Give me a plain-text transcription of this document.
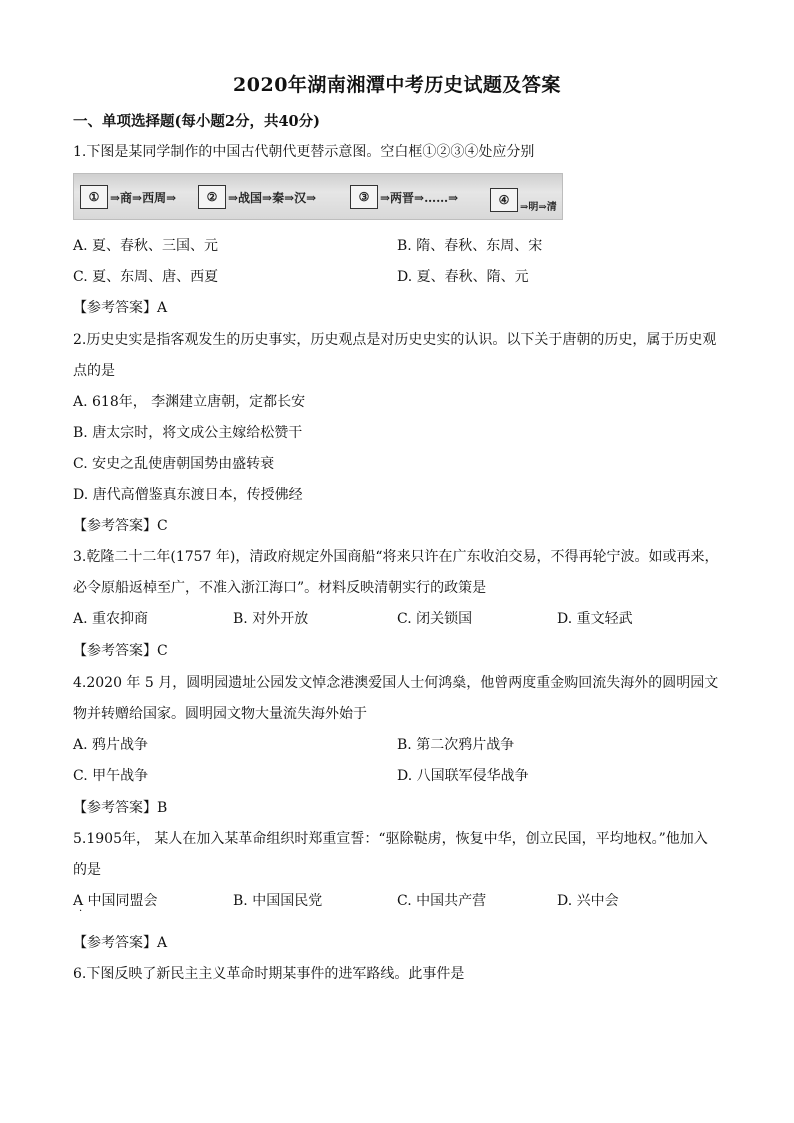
2020年湖南湘潭中考历史试题及答案
一、单项选择题(每小题2分，共40分)
1.下图是某同学制作的中国古代朝代更替示意图。空白框①②③④处应分别
① ⇒商⇒西周⇒	② ⇒战国⇒秦⇒汉⇒	③ ⇒两晋⇒……⇒	④
⇒明⇒清
A. 夏、春秋、三国、元	B. 隋、春秋、东周、宋
C. 夏、东周、唐、西夏	D. 夏、春秋、隋、元
【参考答案】A
2.历史史实是指客观发生的历史事实，历史观点是对历史史实的认识。以下关于唐朝的历史，属于历史观
点的是
A. 618年， 李渊建立唐朝，定都长安
B. 唐太宗时，将文成公主嫁给松赞干
C. 安史之乱使唐朝国势由盛转衰
D. 唐代高僧鉴真东渡日本，传授佛经
【参考答案】C
3.乾隆二十二年(1757 年)，清政府规定外国商船“将来只许在广东收泊交易，不得再轮宁波。如或再来，
必令原船返棹至广，不准入浙江海口”。材料反映清朝实行的政策是
A. 重农抑商	B. 对外开放	C. 闭关锁国	D. 重文轻武
【参考答案】C
4.2020 年 5 月，圆明园遗址公园发文悼念港澳爱国人士何鸿燊，他曾两度重金购回流失海外的圆明园文
物并转赠给国家。圆明园文物大量流失海外始于
A. 鸦片战争	B. 第二次鸦片战争
C. 甲午战争	D. 八国联军侵华战争
【参考答案】B
5.1905年， 某人在加入某革命组织时郑重宣誓：“驱除鞑虏，恢复中华，创立民国，平均地权。”他加入
的是
A 中国同盟会
·
B. 中国国民党	C. 中国共产营	D. 兴中会
【参考答案】A
6.下图反映了新民主主义革命时期某事件的进军路线。此事件是
